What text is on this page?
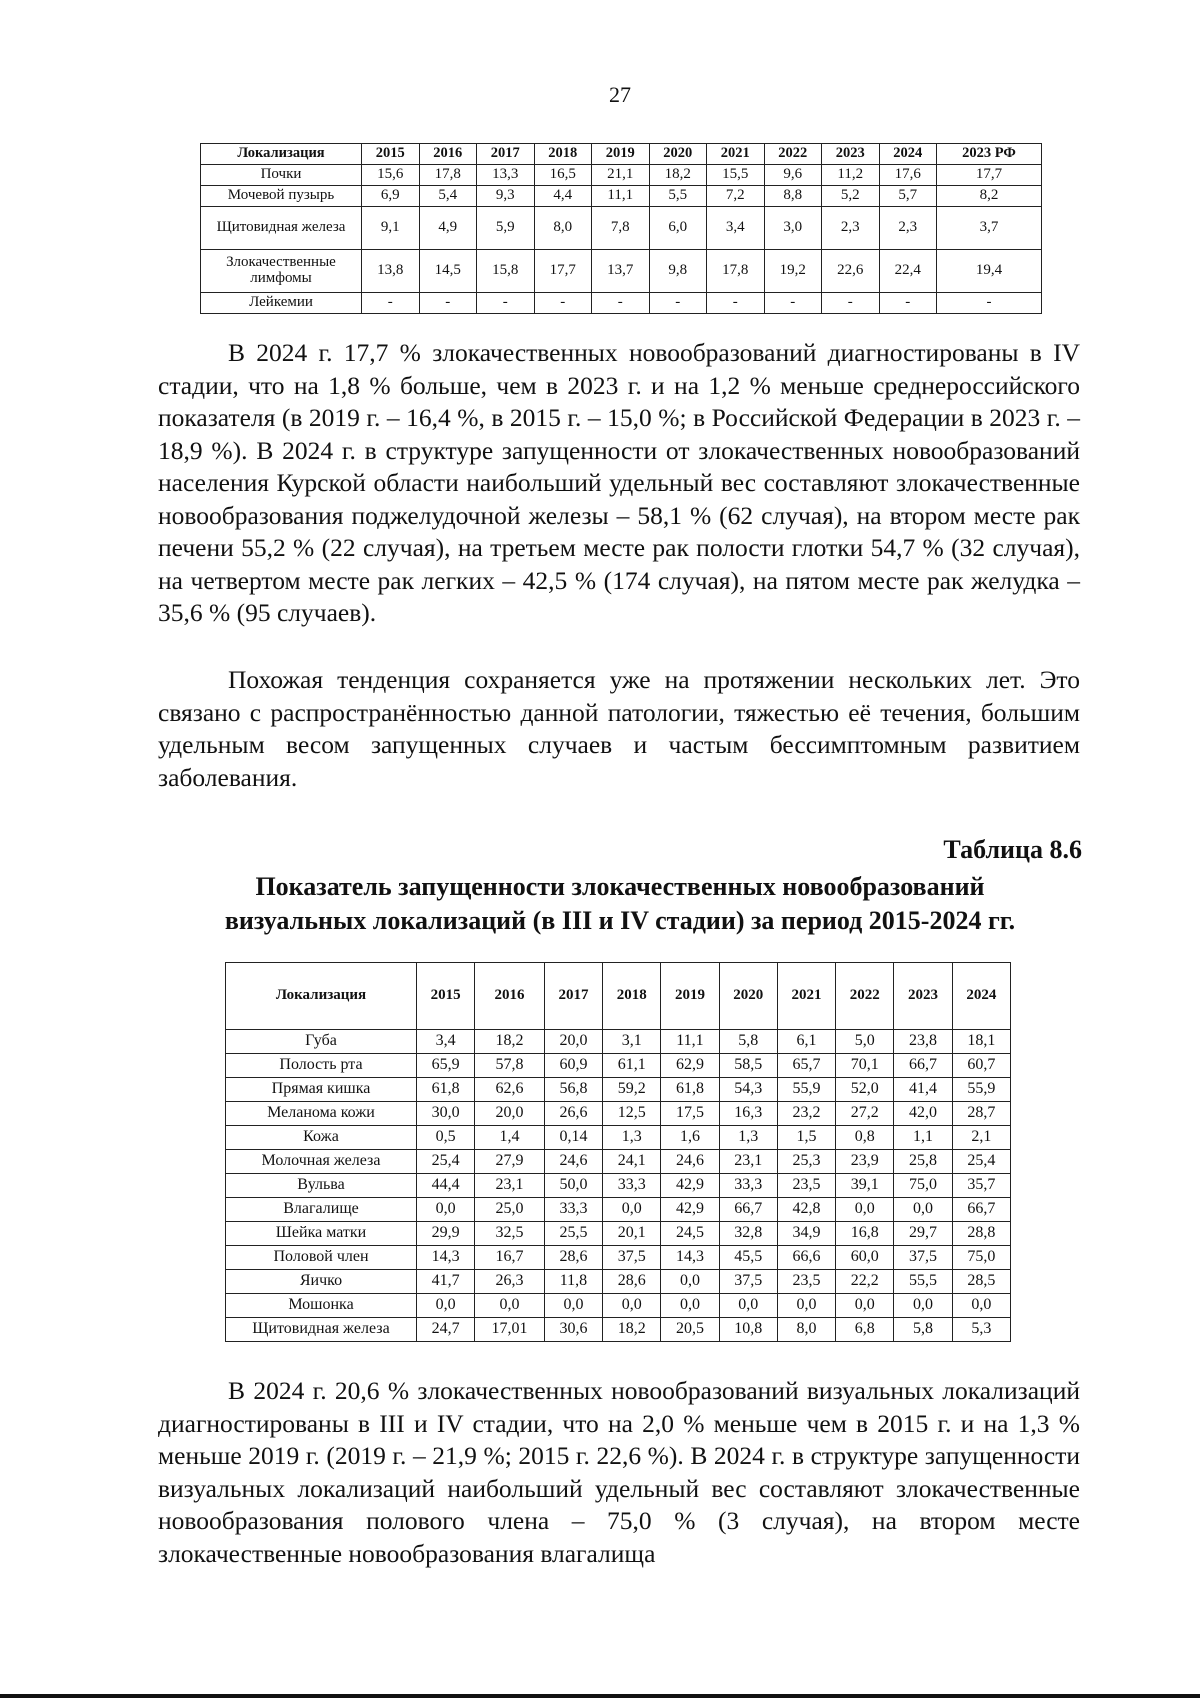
27
Локализация	2015	2016	2017	2018	2019	2020	2021	2022	2023	2024	2023 РФ
Почки	15,6	17,8	13,3	16,5	21,1	18,2	15,5	9,6	11,2	17,6	17,7
Мочевой пузырь	6,9	5,4	9,3	4,4	11,1	5,5	7,2	8,8	5,2	5,7	8,2
Щитовидная железа	9,1	4,9	5,9	8,0	7,8	6,0	3,4	3,0	2,3	2,3	3,7
Злокачественные лимфомы	13,8	14,5	15,8	17,7	13,7	9,8	17,8	19,2	22,6	22,4	19,4
Лейкемии	-	-	-	-	-	-	-	-	-	-	-

В 2024 г. 17,7 % злокачественных новообразований диагностированы в IV стадии, что на 1,8 % больше, чем в 2023 г. и на 1,2 % меньше среднероссийского показателя (в 2019 г. – 16,4 %, в 2015 г. – 15,0 %; в Российской Федерации в 2023 г. – 18,9 %). В 2024 г. в структуре запущенности от злокачественных новообразований населения Курской области наибольший удельный вес составляют злокачественные новообразования поджелудочной железы – 58,1 % (62 случая), на втором месте рак печени 55,2 % (22 случая), на третьем месте рак полости глотки 54,7 % (32 случая), на четвертом месте рак легких – 42,5 % (174 случая), на пятом месте рак желудка – 35,6 % (95 случаев).

Похожая тенденция сохраняется уже на протяжении нескольких лет. Это связано с распространённостью данной патологии, тяжестью её течения, большим удельным весом запущенных случаев и частым бессимптомным развитием заболевания.

Таблица 8.6

Показатель запущенности злокачественных новообразований
визуальных локализаций (в III и IV стадии) за период 2015-2024 гг.
Локализация	2015	2016	2017	2018	2019	2020	2021	2022	2023	2024
Губа	3,4	18,2	20,0	3,1	11,1	5,8	6,1	5,0	23,8	18,1
Полость рта	65,9	57,8	60,9	61,1	62,9	58,5	65,7	70,1	66,7	60,7
Прямая кишка	61,8	62,6	56,8	59,2	61,8	54,3	55,9	52,0	41,4	55,9
Меланома кожи	30,0	20,0	26,6	12,5	17,5	16,3	23,2	27,2	42,0	28,7
Кожа	0,5	1,4	0,14	1,3	1,6	1,3	1,5	0,8	1,1	2,1
Молочная железа	25,4	27,9	24,6	24,1	24,6	23,1	25,3	23,9	25,8	25,4
Вульва	44,4	23,1	50,0	33,3	42,9	33,3	23,5	39,1	75,0	35,7
Влагалище	0,0	25,0	33,3	0,0	42,9	66,7	42,8	0,0	0,0	66,7
Шейка матки	29,9	32,5	25,5	20,1	24,5	32,8	34,9	16,8	29,7	28,8
Половой член	14,3	16,7	28,6	37,5	14,3	45,5	66,6	60,0	37,5	75,0
Яичко	41,7	26,3	11,8	28,6	0,0	37,5	23,5	22,2	55,5	28,5
Мошонка	0,0	0,0	0,0	0,0	0,0	0,0	0,0	0,0	0,0	0,0
Щитовидная железа	24,7	17,01	30,6	18,2	20,5	10,8	8,0	6,8	5,8	5,3

В 2024 г. 20,6 % злокачественных новообразований визуальных локализаций диагностированы в III и IV стадии, что на 2,0 % меньше чем в 2015 г. и на 1,3 % меньше 2019 г. (2019 г. – 21,9 %; 2015 г. 22,6 %). В 2024 г. в структуре запущенности визуальных локализаций наибольший удельный вес составляют злокачественные новообразования полового члена – 75,0 % (3 случая), на втором месте злокачественные новообразования влагалища
